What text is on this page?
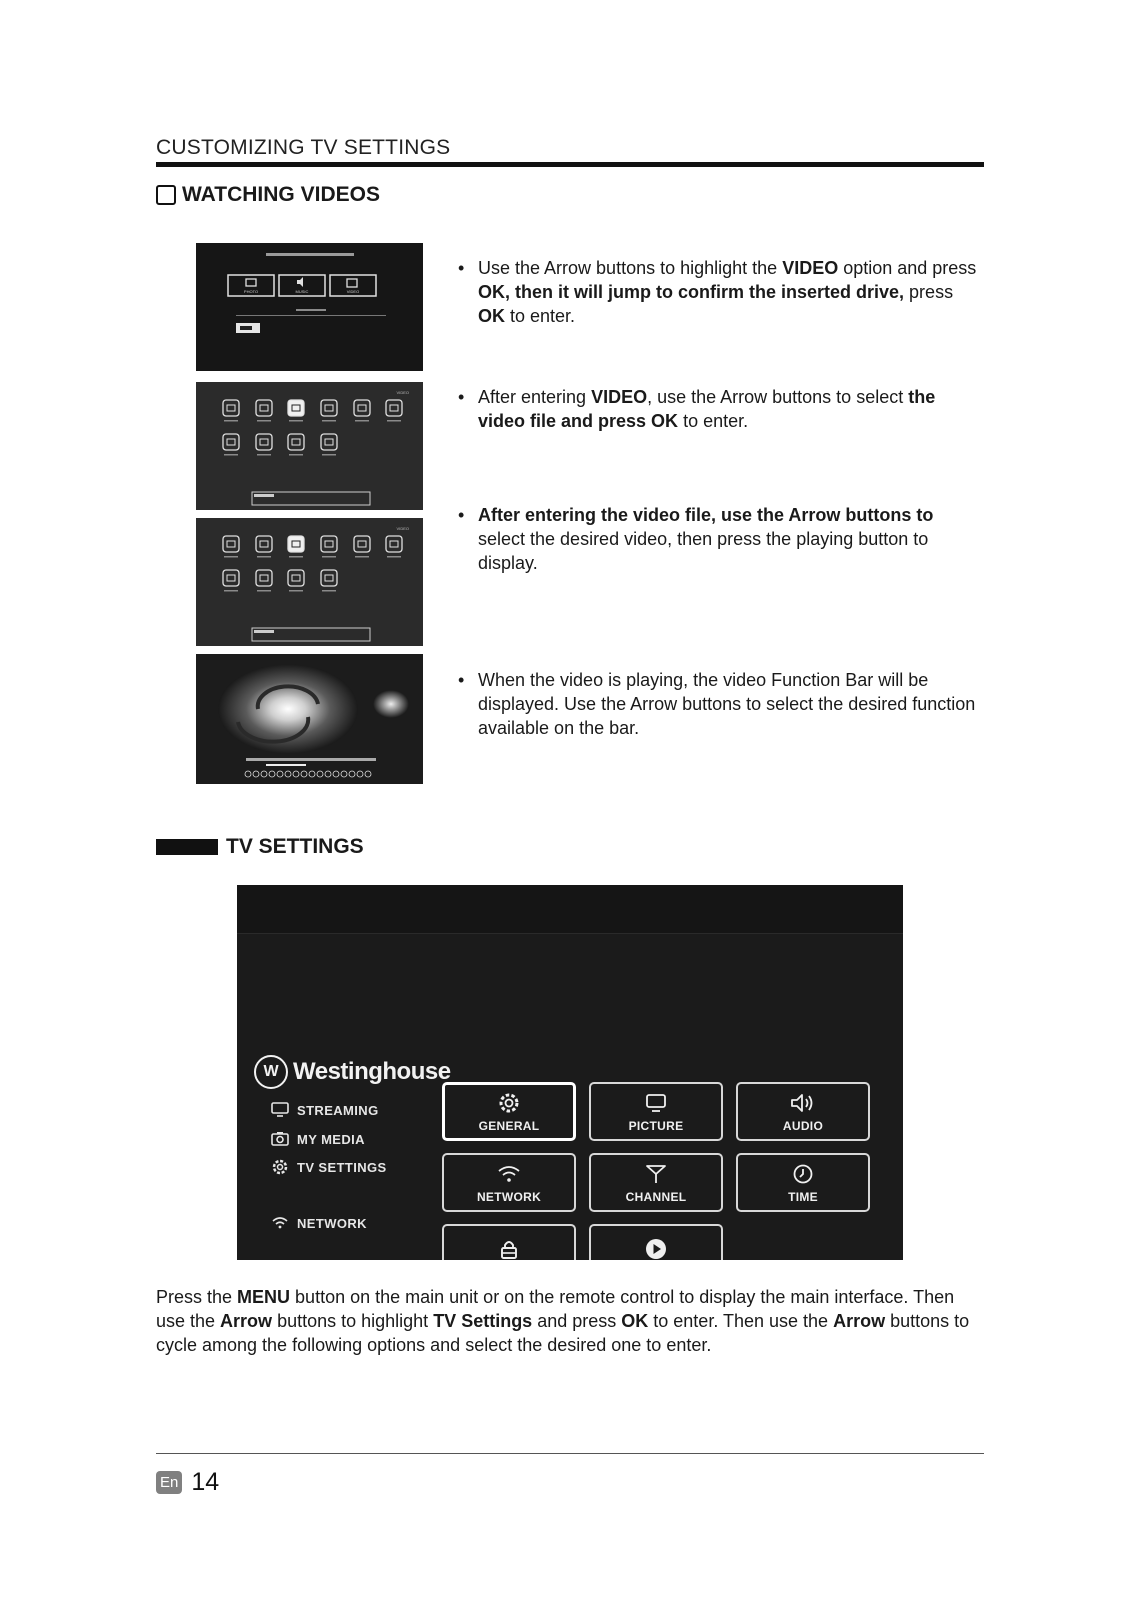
CUSTOMIZING TV SETTINGS
WATCHING VIDEOS
PHOTO	MUSIC	VIDEO
VIDEO
VIDEO
• Use the Arrow buttons to highlight the VIDEO option and press OK, then it will jump to confirm the inserted drive, press OK to enter.
• After entering VIDEO, use the Arrow buttons to select the video file and press OK to enter.
• After entering the video file, use the Arrow buttons to select the desired video, then press the playing button to display.
• When the video is playing, the video Function Bar will be displayed. Use the Arrow buttons to select the desired function available on the bar.
TV SETTINGS
W Westinghouse
STREAMING
MY MEDIA
TV SETTINGS
NETWORK
GENERAL	PICTURE	AUDIO
NETWORK	CHANNEL	TIME
Press the MENU button on the main unit or on the remote control to display the main interface. Then use the Arrow buttons to highlight TV Settings and press OK to enter. Then use the Arrow buttons to cycle among the following options and select the desired one to enter.
En 14
